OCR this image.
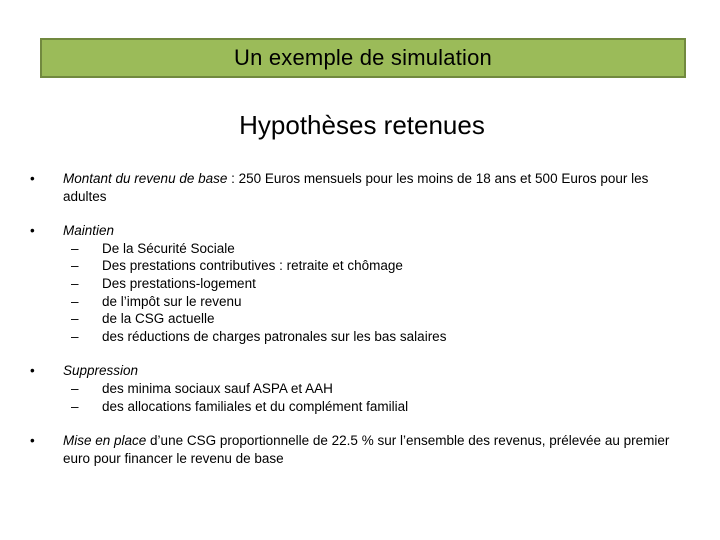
Un exemple de simulation
Hypothèses retenues
•	Montant du revenu de base : 250 Euros mensuels pour les moins de 18 ans et 500 Euros pour les adultes
•	Maintien
–	De la Sécurité Sociale
–	Des prestations contributives : retraite et chômage
–	Des prestations-logement
–	de l’impôt sur le revenu
–	de la CSG actuelle
–	des réductions de charges patronales sur les bas salaires
•	Suppression
–	des minima sociaux sauf ASPA et AAH
–	des allocations familiales et du complément familial
•	Mise en place d’une CSG proportionnelle de 22.5 % sur l’ensemble des revenus, prélevée au premier euro pour financer le revenu de base
